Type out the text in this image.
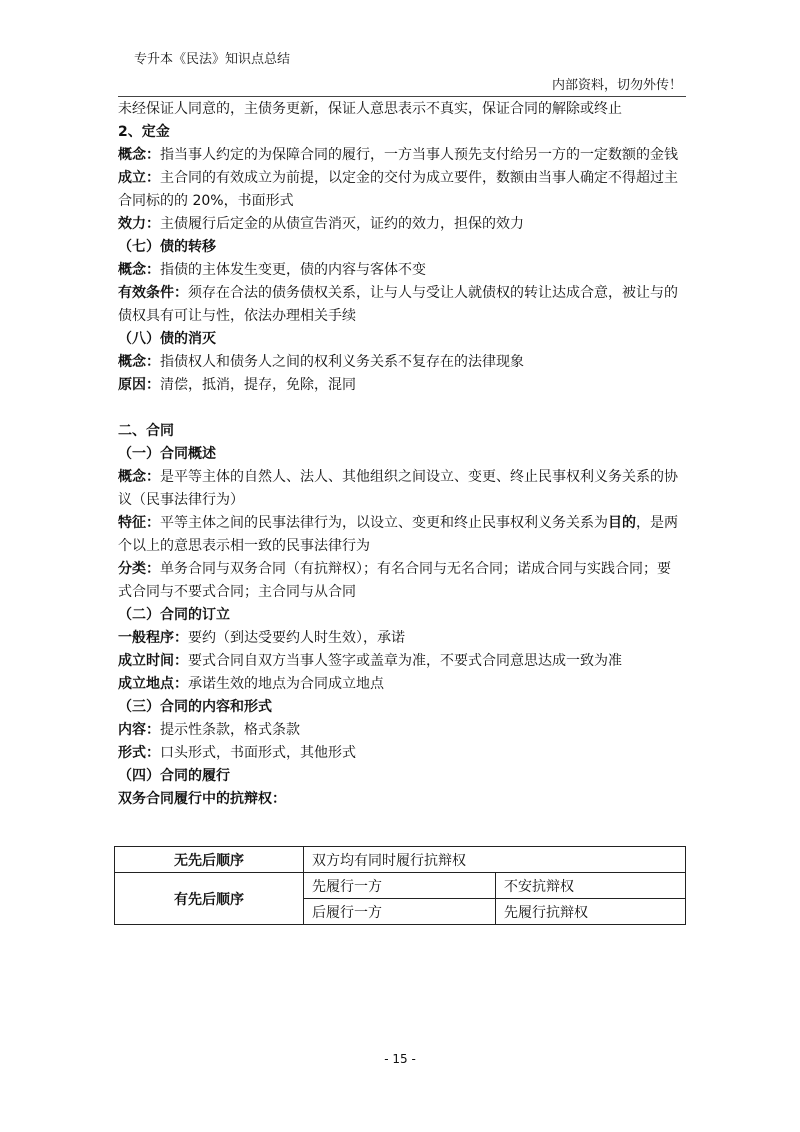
专升本《民法》知识点总结
内部资料，切勿外传！
未经保证人同意的，主债务更新，保证人意思表示不真实，保证合同的解除或终止
2、定金
概念：指当事人约定的为保障合同的履行，一方当事人预先支付给另一方的一定数额的金钱
成立：主合同的有效成立为前提，以定金的交付为成立要件，数额由当事人确定不得超过主
合同标的的 20%，书面形式
效力：主债履行后定金的从债宣告消灭，证约的效力，担保的效力
（七）债的转移
概念：指债的主体发生变更，债的内容与客体不变
有效条件：须存在合法的债务债权关系，让与人与受让人就债权的转让达成合意，被让与的
债权具有可让与性，依法办理相关手续
（八）债的消灭
概念：指债权人和债务人之间的权利义务关系不复存在的法律现象
原因：清偿，抵消，提存，免除，混同
二、合同
（一）合同概述
概念：是平等主体的自然人、法人、其他组织之间设立、变更、终止民事权利义务关系的协
议（民事法律行为）
特征：平等主体之间的民事法律行为，以设立、变更和终止民事权利义务关系为目的，是两
个以上的意思表示相一致的民事法律行为
分类：单务合同与双务合同（有抗辩权）；有名合同与无名合同；诺成合同与实践合同；要
式合同与不要式合同；主合同与从合同
（二）合同的订立
一般程序：要约（到达受要约人时生效），承诺
成立时间：要式合同自双方当事人签字或盖章为准，不要式合同意思达成一致为准
成立地点：承诺生效的地点为合同成立地点
（三）合同的内容和形式
内容：提示性条款，格式条款
形式：口头形式，书面形式，其他形式
（四）合同的履行
双务合同履行中的抗辩权：
无先后顺序	双方均有同时履行抗辩权	
有先后顺序	先履行一方	不安抗辩权
	后履行一方	先履行抗辩权
- 15 -
